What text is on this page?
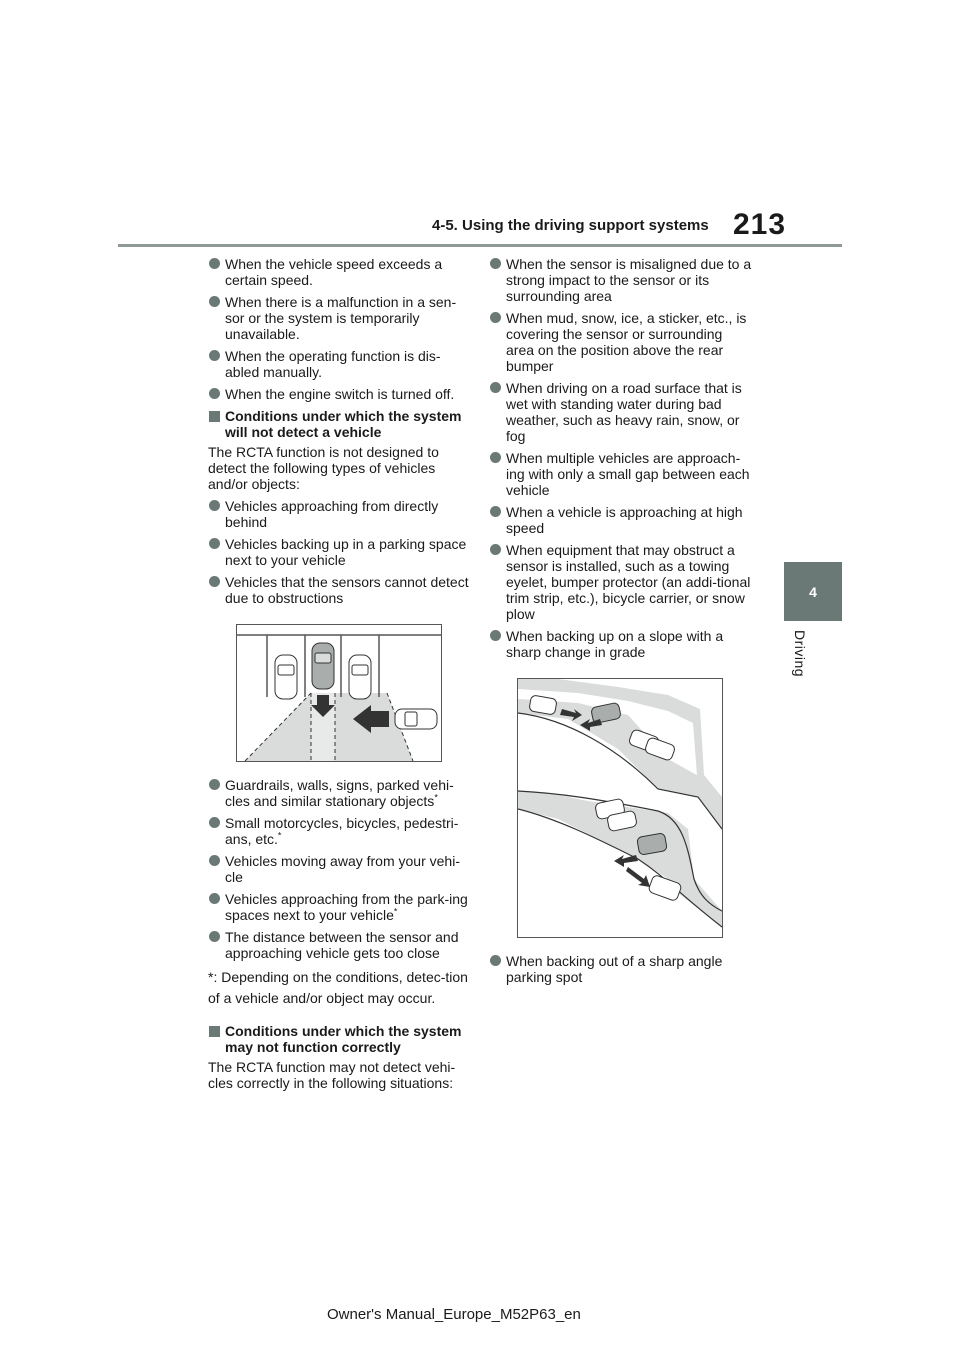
4-5. Using the driving support systems 213
4
Driving
When the vehicle speed exceeds a certain speed.
When there is a malfunction in a sen-sor or the system is temporarily unavailable.
When the operating function is dis-abled manually.
When the engine switch is turned off.
Conditions under which the system will not detect a vehicle
The RCTA function is not designed to detect the following types of vehicles and/or objects:
Vehicles approaching from directly behind
Vehicles backing up in a parking space next to your vehicle
Vehicles that the sensors cannot detect due to obstructions
Guardrails, walls, signs, parked vehi-cles and similar stationary objects*
Small motorcycles, bicycles, pedestri-ans, etc.*
Vehicles moving away from your vehi-cle
Vehicles approaching from the park-ing spaces next to your vehicle*
The distance between the sensor and approaching vehicle gets too close
*: Depending on the conditions, detec-tion of a vehicle and/or object may occur.
Conditions under which the system may not function correctly
The RCTA function may not detect vehi-cles correctly in the following situations:
When the sensor is misaligned due to a strong impact to the sensor or its surrounding area
When mud, snow, ice, a sticker, etc., is covering the sensor or surrounding area on the position above the rear bumper
When driving on a road surface that is wet with standing water during bad weather, such as heavy rain, snow, or fog
When multiple vehicles are approach-ing with only a small gap between each vehicle
When a vehicle is approaching at high speed
When equipment that may obstruct a sensor is installed, such as a towing eyelet, bumper protector (an addi-tional trim strip, etc.), bicycle carrier, or snow plow
When backing up on a slope with a sharp change in grade
When backing out of a sharp angle parking spot
Owner's Manual_Europe_M52P63_en
